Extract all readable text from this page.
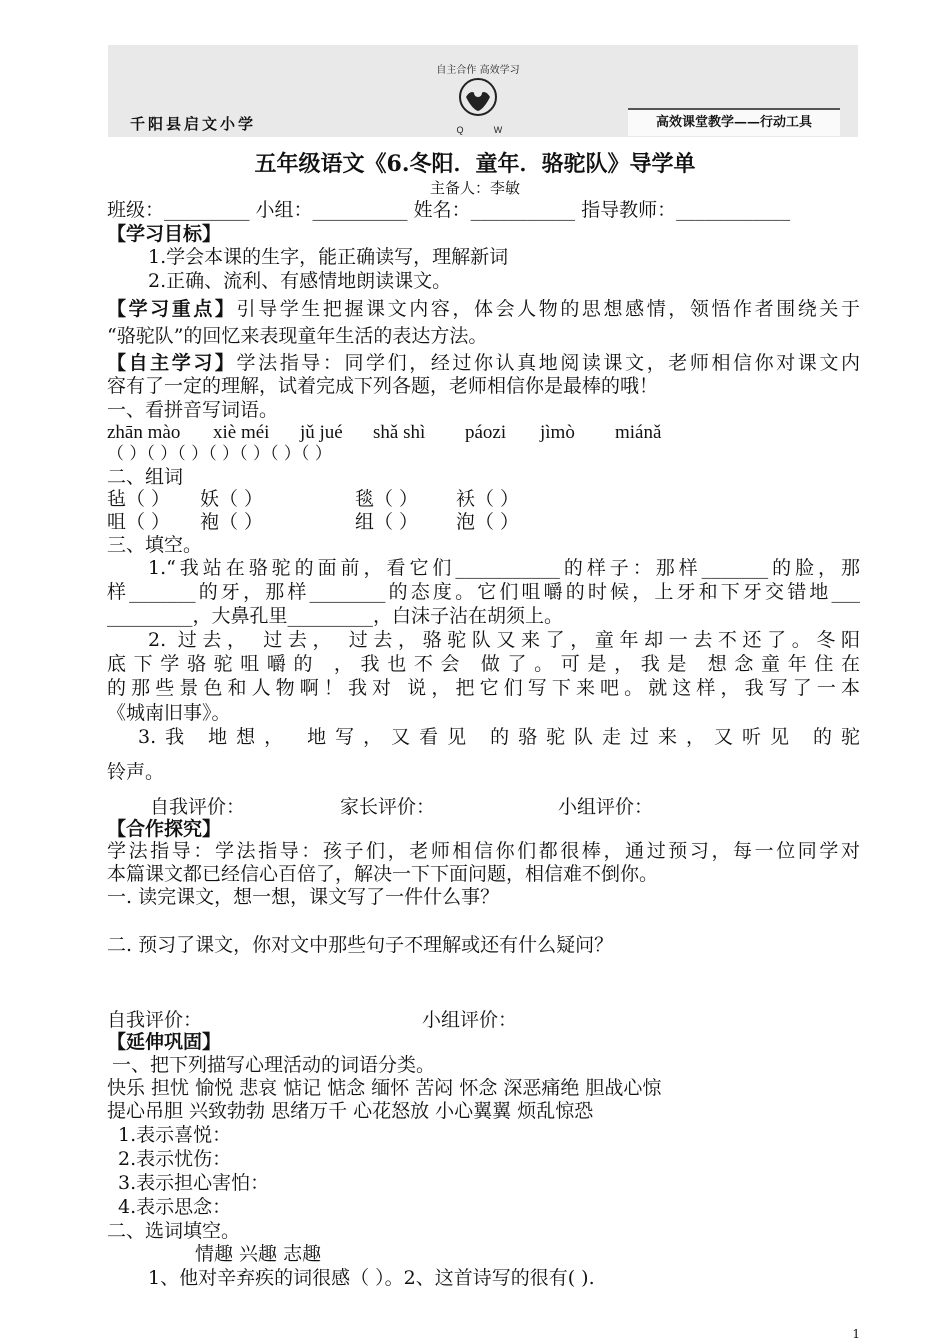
千阳县启文小学
自主合作 高效学习
Q	W	高效课堂教学——行动工具
五年级语文《6.冬阳．童年．骆驼队》导学单
主备人：李敏
班级：_________ 小组：__________ 姓名：___________ 指导教师：____________
【学习目标】
1.学会本课的生字，能正确读写，理解新词
2.正确、流利、有感情地朗读课文。
【学习重点】引导学生把握课文内容，体会人物的思想感情，领悟作者围绕关于
“骆驼队”的回忆来表现童年生活的表达方法。
【自主学习】学法指导：同学们，经过你认真地阅读课文，老师相信你对课文内
容有了一定的理解，试着完成下列各题，老师相信你是最棒的哦！
一、看拼音写词语。
zhān mào xiè méi jǔ jué shǎ shì páozi jìmò miánǎ
（ ）（ ）（ ）（ ）（ ）（ ）（ ）
二、组词
毡（ ） 妖（ ）	毯（ ） 袄（ ）
咀（ ） 袍（ ）	组（ ） 泡（ ）
三、填空。
1.“我站在骆驼的面前，看它们___________的样子：那样_______的脸，那
样_______的牙，那样________的态度。它们咀嚼的时候，上牙和下牙交错地___
_________，大鼻孔里_________，白沫子沾在胡须上。
2. 过去， 过去， 过去，骆驼队又来了，童年却一去不还了。冬阳
底下学骆驼咀嚼的 ，我也不会 做了。可是，我是 想念童年住在
的那些景色和人物啊！我对 说，把它们写下来吧。就这样，我写了一本
《城南旧事》。
3.我 地想， 地写，又看见 的骆驼队走过来，又听见 的驼
铃声。
自我评价：	家长评价：	小组评价：
【合作探究】
学法指导：学法指导：孩子们，老师相信你们都很棒，通过预习，每一位同学对
本篇课文都已经信心百倍了，解决一下下面问题，相信难不倒你。
一. 读完课文，想一想，课文写了一件什么事？
二. 预习了课文，你对文中那些句子不理解或还有什么疑问？
自我评价：	小组评价：
【延伸巩固】
一、把下列描写心理活动的词语分类。
快乐 担忧 愉悦 悲哀 惦记 惦念 缅怀 苦闷 怀念 深恶痛绝 胆战心惊
提心吊胆 兴致勃勃 思绪万千 心花怒放 小心翼翼 烦乱惊恐
1.表示喜悦：
2.表示忧伤：
3.表示担心害怕：
4.表示思念：
二、选词填空。
情趣 兴趣 志趣
1、他对辛弃疾的词很感（ ）。2、这首诗写的很有( ).
1
